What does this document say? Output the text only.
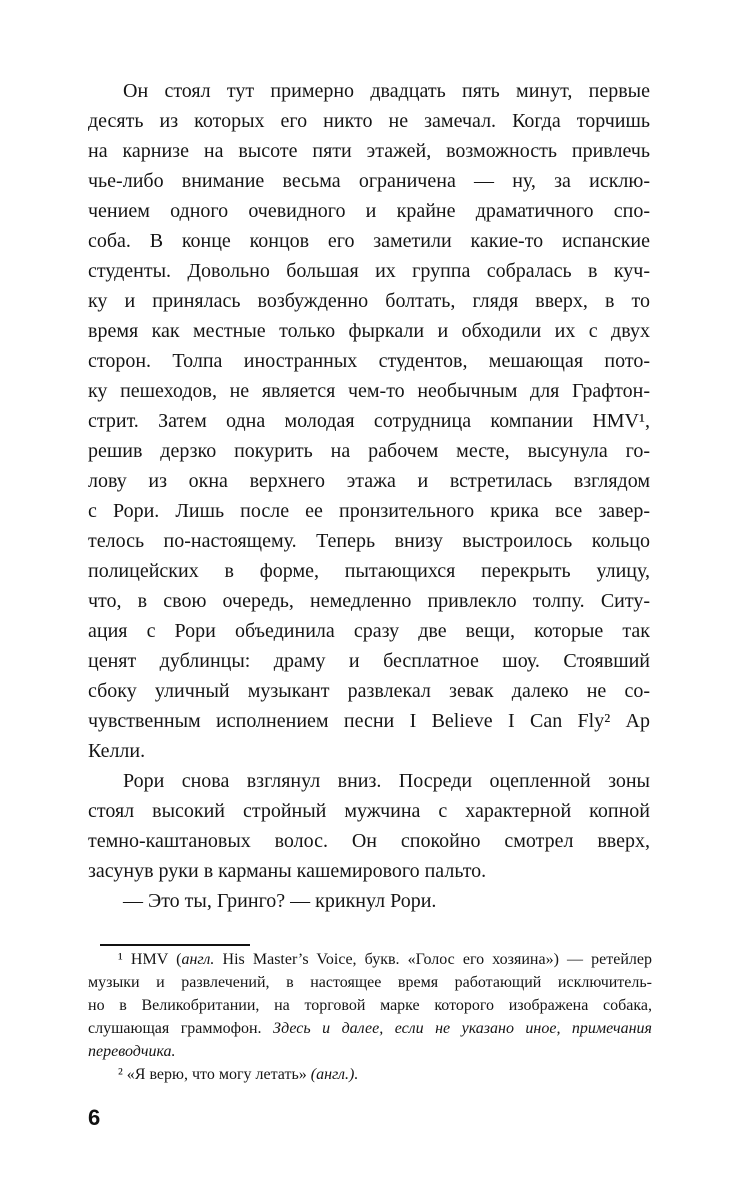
Он стоял тут примерно двадцать пять минут, первые
десять из которых его никто не замечал. Когда торчишь
на карнизе на высоте пяти этажей, возможность привлечь
чье-либо внимание весьма ограничена — ну, за исклю-
чением одного очевидного и крайне драматичного спо-
соба. В конце концов его заметили какие-то испанские
студенты. Довольно большая их группа собралась в куч-
ку и принялась возбужденно болтать, глядя вверх, в то
время как местные только фыркали и обходили их с двух
сторон. Толпа иностранных студентов, мешающая пото-
ку пешеходов, не является чем-то необычным для Графтон-
стрит. Затем одна молодая сотрудница компании HMV¹,
решив дерзко покурить на рабочем месте, высунула го-
лову из окна верхнего этажа и встретилась взглядом
с Рори. Лишь после ее пронзительного крика все завер-
телось по-настоящему. Теперь внизу выстроилось кольцо
полицейских в форме, пытающихся перекрыть улицу,
что, в свою очередь, немедленно привлекло толпу. Ситу-
ация с Рори объединила сразу две вещи, которые так
ценят дублинцы: драму и бесплатное шоу. Стоявший
сбоку уличный музыкант развлекал зевак далеко не со-
чувственным исполнением песни I Believe I Can Fly² Ар
Келли.
Рори снова взглянул вниз. Посреди оцепленной зоны
стоял высокий стройный мужчина с характерной копной
темно-каштановых волос. Он спокойно смотрел вверх,
засунув руки в карманы кашемирового пальто.
— Это ты, Гринго? — крикнул Рори.
¹ HMV (англ. His Master’s Voice, букв. «Голос его хозяина») — ретейлер
музыки и развлечений, в настоящее время работающий исключитель-
но в Великобритании, на торговой марке которого изображена собака,
слушающая граммофон. Здесь и далее, если не указано иное, примечания
переводчика.
² «Я верю, что могу летать» (англ.).
6
